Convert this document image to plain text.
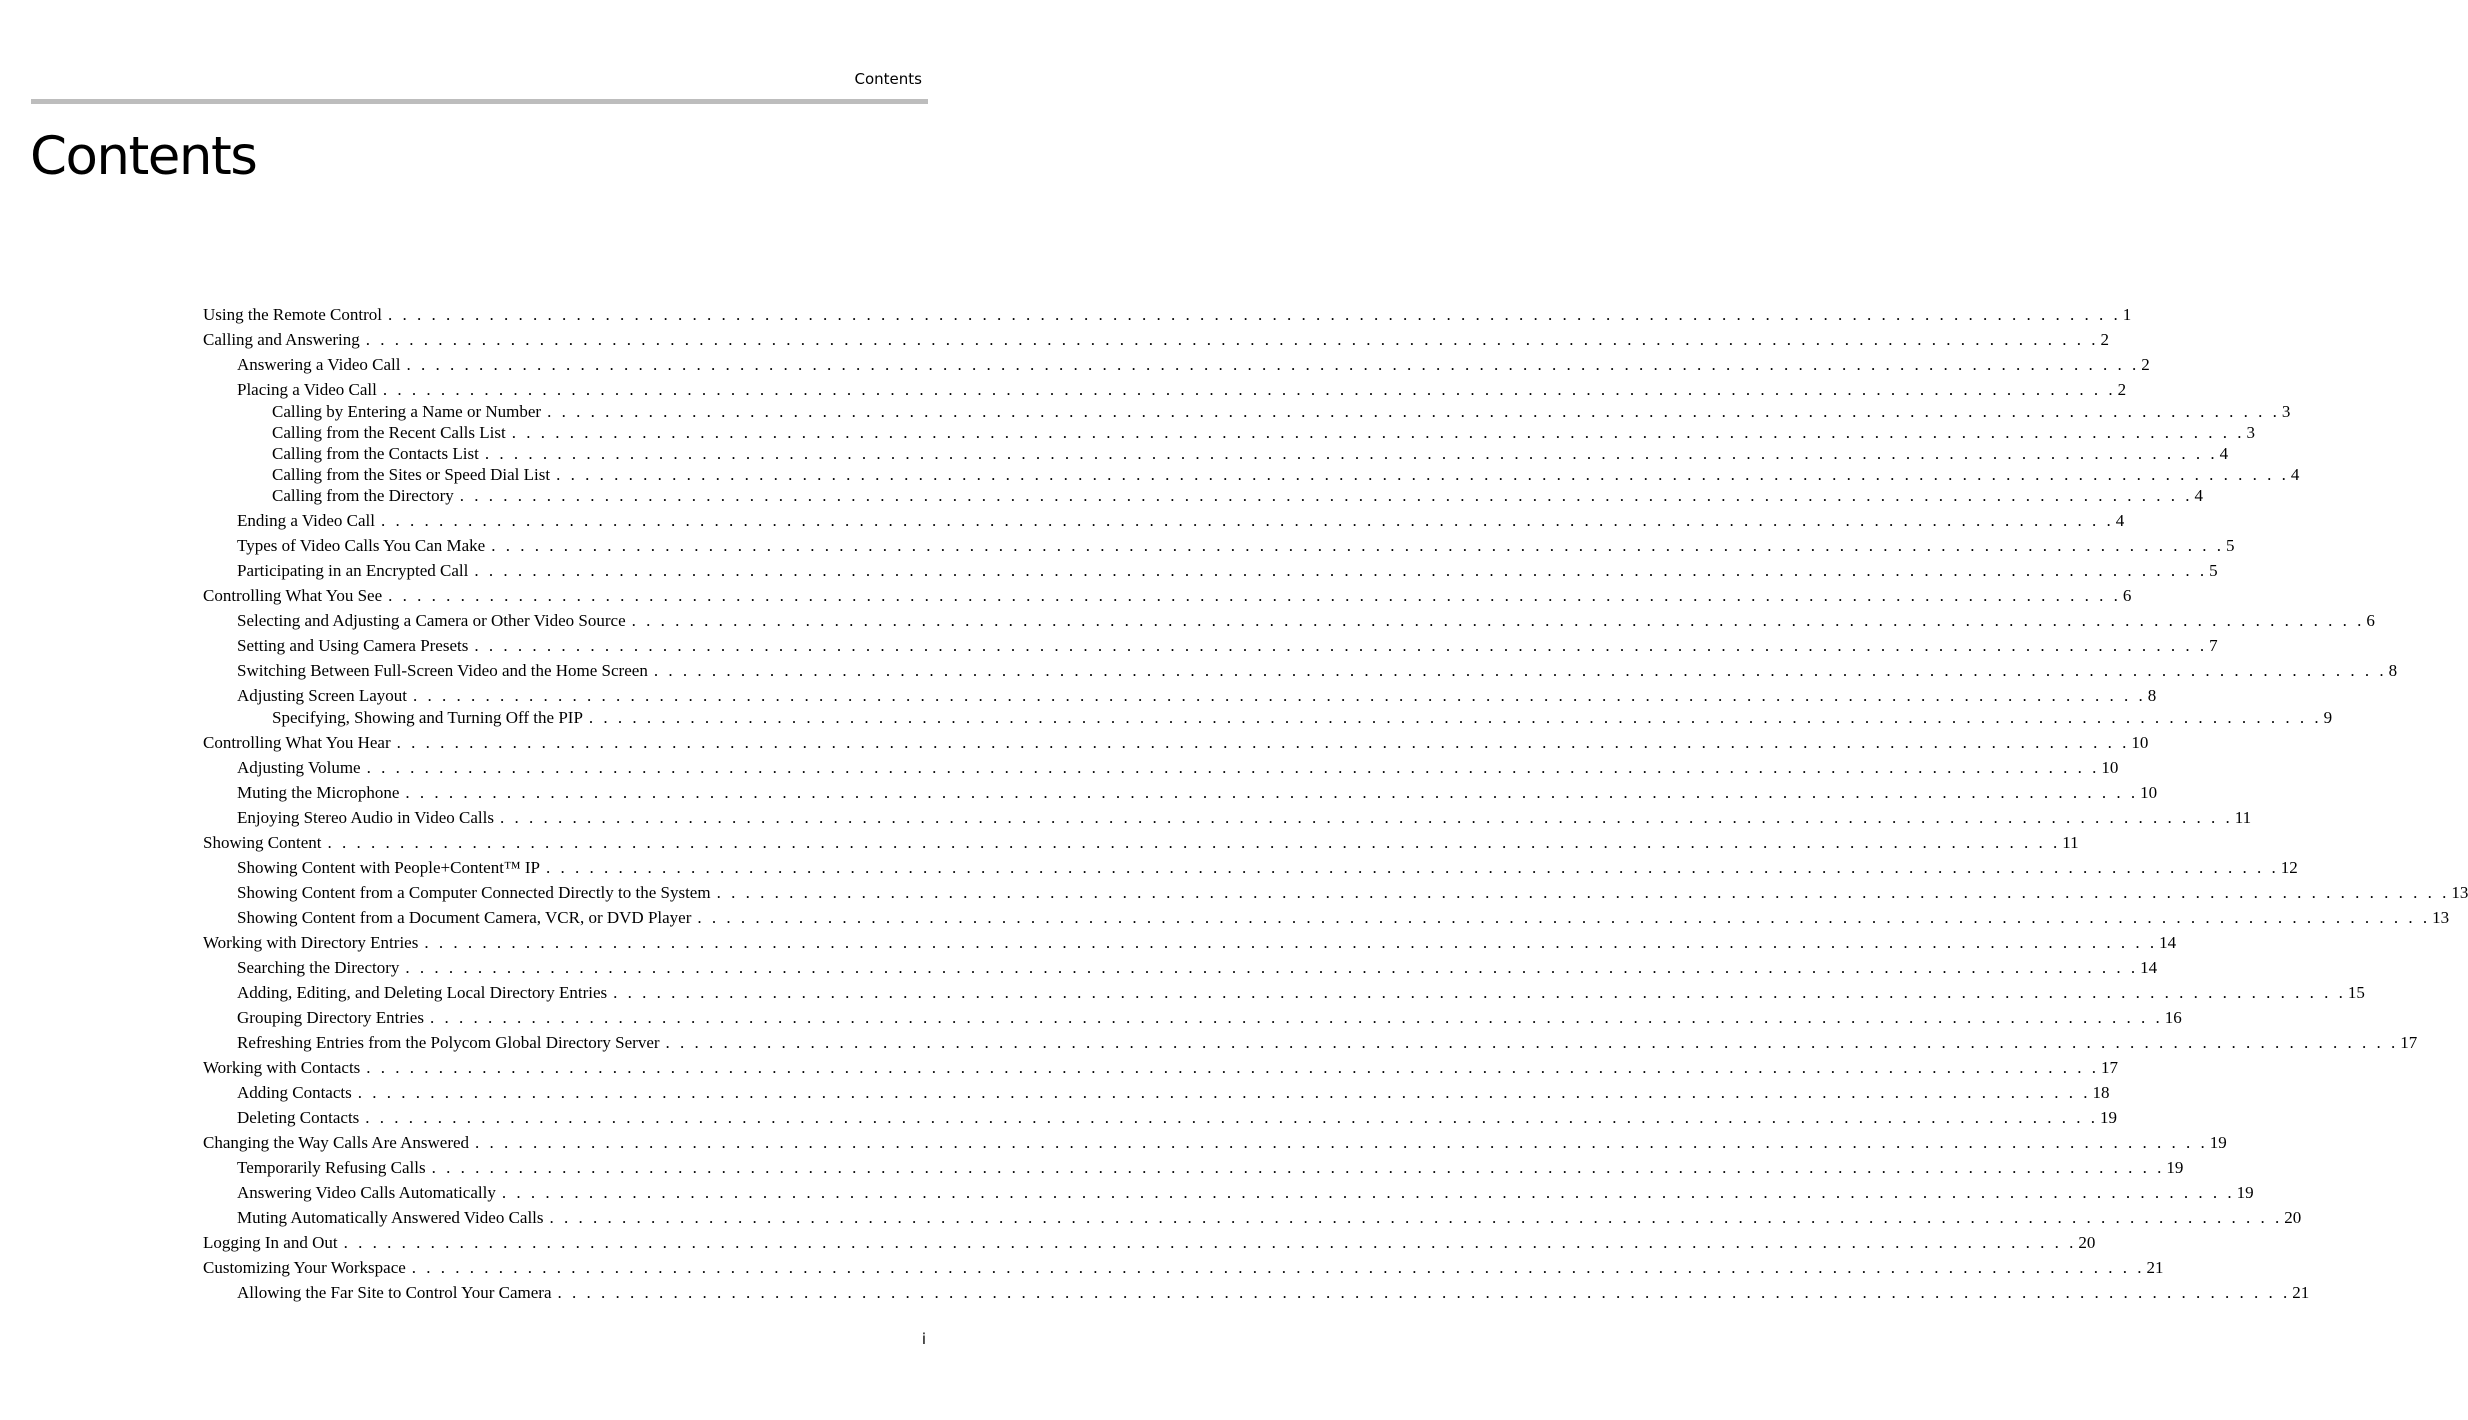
Contents
Contents
Using the Remote Control . . . . . . . . . . . . . . . . . . . . . . . . . . . . . . . . . . . . . . . . . . . . . . . . . . . . . . . . . . . . . . . . . . . . . . . . . . . . . . . . . . . . . . . . . . . . . . . . . . . . . . . . . . . . . . . . . . . . . . . . 1
Calling and Answering . . . . . . . . . . . . . . . . . . . . . . . . . . . . . . . . . . . . . . . . . . . . . . . . . . . . . . . . . . . . . . . . . . . . . . . . . . . . . . . . . . . . . . . . . . . . . . . . . . . . . . . . . . . . . . . . . . . . . . . . 2
Answering a Video Call . . . . . . . . . . . . . . . . . . . . . . . . . . . . . . . . . . . . . . . . . . . . . . . . . . . . . . . . . . . . . . . . . . . . . . . . . . . . . . . . . . . . . . . . . . . . . . . . . . . . . . . . . . . . . . . . . . . . . . . . 2
Placing a Video Call . . . . . . . . . . . . . . . . . . . . . . . . . . . . . . . . . . . . . . . . . . . . . . . . . . . . . . . . . . . . . . . . . . . . . . . . . . . . . . . . . . . . . . . . . . . . . . . . . . . . . . . . . . . . . . . . . . . . . . . . 2
Calling by Entering a Name or Number . . . . . . . . . . . . . . . . . . . . . . . . . . . . . . . . . . . . . . . . . . . . . . . . . . . . . . . . . . . . . . . . . . . . . . . . . . . . . . . . . . . . . . . . . . . . . . . . . . . . . . . . . . . . . . . . . . . . . . . . 3
Calling from the Recent Calls List . . . . . . . . . . . . . . . . . . . . . . . . . . . . . . . . . . . . . . . . . . . . . . . . . . . . . . . . . . . . . . . . . . . . . . . . . . . . . . . . . . . . . . . . . . . . . . . . . . . . . . . . . . . . . . . . . . . . . . . . 3
Calling from the Contacts List . . . . . . . . . . . . . . . . . . . . . . . . . . . . . . . . . . . . . . . . . . . . . . . . . . . . . . . . . . . . . . . . . . . . . . . . . . . . . . . . . . . . . . . . . . . . . . . . . . . . . . . . . . . . . . . . . . . . . . . . 4
Calling from the Sites or Speed Dial List . . . . . . . . . . . . . . . . . . . . . . . . . . . . . . . . . . . . . . . . . . . . . . . . . . . . . . . . . . . . . . . . . . . . . . . . . . . . . . . . . . . . . . . . . . . . . . . . . . . . . . . . . . . . . . . . . . . . . . . . 4
Calling from the Directory . . . . . . . . . . . . . . . . . . . . . . . . . . . . . . . . . . . . . . . . . . . . . . . . . . . . . . . . . . . . . . . . . . . . . . . . . . . . . . . . . . . . . . . . . . . . . . . . . . . . . . . . . . . . . . . . . . . . . . . . 4
Ending a Video Call . . . . . . . . . . . . . . . . . . . . . . . . . . . . . . . . . . . . . . . . . . . . . . . . . . . . . . . . . . . . . . . . . . . . . . . . . . . . . . . . . . . . . . . . . . . . . . . . . . . . . . . . . . . . . . . . . . . . . . . . 4
Types of Video Calls You Can Make . . . . . . . . . . . . . . . . . . . . . . . . . . . . . . . . . . . . . . . . . . . . . . . . . . . . . . . . . . . . . . . . . . . . . . . . . . . . . . . . . . . . . . . . . . . . . . . . . . . . . . . . . . . . . . . . . . . . . . . . 5
Participating in an Encrypted Call . . . . . . . . . . . . . . . . . . . . . . . . . . . . . . . . . . . . . . . . . . . . . . . . . . . . . . . . . . . . . . . . . . . . . . . . . . . . . . . . . . . . . . . . . . . . . . . . . . . . . . . . . . . . . . . . . . . . . . . . 5
Controlling What You See . . . . . . . . . . . . . . . . . . . . . . . . . . . . . . . . . . . . . . . . . . . . . . . . . . . . . . . . . . . . . . . . . . . . . . . . . . . . . . . . . . . . . . . . . . . . . . . . . . . . . . . . . . . . . . . . . . . . . . . . 6
Selecting and Adjusting a Camera or Other Video Source . . . . . . . . . . . . . . . . . . . . . . . . . . . . . . . . . . . . . . . . . . . . . . . . . . . . . . . . . . . . . . . . . . . . . . . . . . . . . . . . . . . . . . . . . . . . . . . . . . . . . . . . . . . . . . . . . . . . . . . . 6
Setting and Using Camera Presets . . . . . . . . . . . . . . . . . . . . . . . . . . . . . . . . . . . . . . . . . . . . . . . . . . . . . . . . . . . . . . . . . . . . . . . . . . . . . . . . . . . . . . . . . . . . . . . . . . . . . . . . . . . . . . . . . . . . . . . . 7
Switching Between Full-Screen Video and the Home Screen . . . . . . . . . . . . . . . . . . . . . . . . . . . . . . . . . . . . . . . . . . . . . . . . . . . . . . . . . . . . . . . . . . . . . . . . . . . . . . . . . . . . . . . . . . . . . . . . . . . . . . . . . . . . . . . . . . . . . . . . 8
Adjusting Screen Layout . . . . . . . . . . . . . . . . . . . . . . . . . . . . . . . . . . . . . . . . . . . . . . . . . . . . . . . . . . . . . . . . . . . . . . . . . . . . . . . . . . . . . . . . . . . . . . . . . . . . . . . . . . . . . . . . . . . . . . . . 8
Specifying, Showing and Turning Off the PIP . . . . . . . . . . . . . . . . . . . . . . . . . . . . . . . . . . . . . . . . . . . . . . . . . . . . . . . . . . . . . . . . . . . . . . . . . . . . . . . . . . . . . . . . . . . . . . . . . . . . . . . . . . . . . . . . . . . . . . . . 9
Controlling What You Hear . . . . . . . . . . . . . . . . . . . . . . . . . . . . . . . . . . . . . . . . . . . . . . . . . . . . . . . . . . . . . . . . . . . . . . . . . . . . . . . . . . . . . . . . . . . . . . . . . . . . . . . . . . . . . . . . . . . . . . . . 10
Adjusting Volume . . . . . . . . . . . . . . . . . . . . . . . . . . . . . . . . . . . . . . . . . . . . . . . . . . . . . . . . . . . . . . . . . . . . . . . . . . . . . . . . . . . . . . . . . . . . . . . . . . . . . . . . . . . . . . . . . . . . . . . . 10
Muting the Microphone . . . . . . . . . . . . . . . . . . . . . . . . . . . . . . . . . . . . . . . . . . . . . . . . . . . . . . . . . . . . . . . . . . . . . . . . . . . . . . . . . . . . . . . . . . . . . . . . . . . . . . . . . . . . . . . . . . . . . . . . 10
Enjoying Stereo Audio in Video Calls . . . . . . . . . . . . . . . . . . . . . . . . . . . . . . . . . . . . . . . . . . . . . . . . . . . . . . . . . . . . . . . . . . . . . . . . . . . . . . . . . . . . . . . . . . . . . . . . . . . . . . . . . . . . . . . . . . . . . . . . 11
Showing Content . . . . . . . . . . . . . . . . . . . . . . . . . . . . . . . . . . . . . . . . . . . . . . . . . . . . . . . . . . . . . . . . . . . . . . . . . . . . . . . . . . . . . . . . . . . . . . . . . . . . . . . . . . . . . . . . . . . . . . . . 11
Showing Content with People+Content™ IP . . . . . . . . . . . . . . . . . . . . . . . . . . . . . . . . . . . . . . . . . . . . . . . . . . . . . . . . . . . . . . . . . . . . . . . . . . . . . . . . . . . . . . . . . . . . . . . . . . . . . . . . . . . . . . . . . . . . . . . . 12
Showing Content from a Computer Connected Directly to the System . . . . . . . . . . . . . . . . . . . . . . . . . . . . . . . . . . . . . . . . . . . . . . . . . . . . . . . . . . . . . . . . . . . . . . . . . . . . . . . . . . . . . . . . . . . . . . . . . . . . . . . . . . . . . . . . . . . . . . . . 13
Showing Content from a Document Camera, VCR, or DVD Player . . . . . . . . . . . . . . . . . . . . . . . . . . . . . . . . . . . . . . . . . . . . . . . . . . . . . . . . . . . . . . . . . . . . . . . . . . . . . . . . . . . . . . . . . . . . . . . . . . . . . . . . . . . . . . . . . . . . . . . . 13
Working with Directory Entries . . . . . . . . . . . . . . . . . . . . . . . . . . . . . . . . . . . . . . . . . . . . . . . . . . . . . . . . . . . . . . . . . . . . . . . . . . . . . . . . . . . . . . . . . . . . . . . . . . . . . . . . . . . . . . . . . . . . . . . . 14
Searching the Directory . . . . . . . . . . . . . . . . . . . . . . . . . . . . . . . . . . . . . . . . . . . . . . . . . . . . . . . . . . . . . . . . . . . . . . . . . . . . . . . . . . . . . . . . . . . . . . . . . . . . . . . . . . . . . . . . . . . . . . . . 14
Adding, Editing, and Deleting Local Directory Entries . . . . . . . . . . . . . . . . . . . . . . . . . . . . . . . . . . . . . . . . . . . . . . . . . . . . . . . . . . . . . . . . . . . . . . . . . . . . . . . . . . . . . . . . . . . . . . . . . . . . . . . . . . . . . . . . . . . . . . . . 15
Grouping Directory Entries . . . . . . . . . . . . . . . . . . . . . . . . . . . . . . . . . . . . . . . . . . . . . . . . . . . . . . . . . . . . . . . . . . . . . . . . . . . . . . . . . . . . . . . . . . . . . . . . . . . . . . . . . . . . . . . . . . . . . . . . 16
Refreshing Entries from the Polycom Global Directory Server . . . . . . . . . . . . . . . . . . . . . . . . . . . . . . . . . . . . . . . . . . . . . . . . . . . . . . . . . . . . . . . . . . . . . . . . . . . . . . . . . . . . . . . . . . . . . . . . . . . . . . . . . . . . . . . . . . . . . . . . 17
Working with Contacts . . . . . . . . . . . . . . . . . . . . . . . . . . . . . . . . . . . . . . . . . . . . . . . . . . . . . . . . . . . . . . . . . . . . . . . . . . . . . . . . . . . . . . . . . . . . . . . . . . . . . . . . . . . . . . . . . . . . . . . . 17
Adding Contacts . . . . . . . . . . . . . . . . . . . . . . . . . . . . . . . . . . . . . . . . . . . . . . . . . . . . . . . . . . . . . . . . . . . . . . . . . . . . . . . . . . . . . . . . . . . . . . . . . . . . . . . . . . . . . . . . . . . . . . . . 18
Deleting Contacts . . . . . . . . . . . . . . . . . . . . . . . . . . . . . . . . . . . . . . . . . . . . . . . . . . . . . . . . . . . . . . . . . . . . . . . . . . . . . . . . . . . . . . . . . . . . . . . . . . . . . . . . . . . . . . . . . . . . . . . . 19
Changing the Way Calls Are Answered . . . . . . . . . . . . . . . . . . . . . . . . . . . . . . . . . . . . . . . . . . . . . . . . . . . . . . . . . . . . . . . . . . . . . . . . . . . . . . . . . . . . . . . . . . . . . . . . . . . . . . . . . . . . . . . . . . . . . . . . 19
Temporarily Refusing Calls . . . . . . . . . . . . . . . . . . . . . . . . . . . . . . . . . . . . . . . . . . . . . . . . . . . . . . . . . . . . . . . . . . . . . . . . . . . . . . . . . . . . . . . . . . . . . . . . . . . . . . . . . . . . . . . . . . . . . . . . 19
Answering Video Calls Automatically . . . . . . . . . . . . . . . . . . . . . . . . . . . . . . . . . . . . . . . . . . . . . . . . . . . . . . . . . . . . . . . . . . . . . . . . . . . . . . . . . . . . . . . . . . . . . . . . . . . . . . . . . . . . . . . . . . . . . . . . 19
Muting Automatically Answered Video Calls . . . . . . . . . . . . . . . . . . . . . . . . . . . . . . . . . . . . . . . . . . . . . . . . . . . . . . . . . . . . . . . . . . . . . . . . . . . . . . . . . . . . . . . . . . . . . . . . . . . . . . . . . . . . . . . . . . . . . . . . 20
Logging In and Out . . . . . . . . . . . . . . . . . . . . . . . . . . . . . . . . . . . . . . . . . . . . . . . . . . . . . . . . . . . . . . . . . . . . . . . . . . . . . . . . . . . . . . . . . . . . . . . . . . . . . . . . . . . . . . . . . . . . . . . . 20
Customizing Your Workspace . . . . . . . . . . . . . . . . . . . . . . . . . . . . . . . . . . . . . . . . . . . . . . . . . . . . . . . . . . . . . . . . . . . . . . . . . . . . . . . . . . . . . . . . . . . . . . . . . . . . . . . . . . . . . . . . . . . . . . . . 21
Allowing the Far Site to Control Your Camera . . . . . . . . . . . . . . . . . . . . . . . . . . . . . . . . . . . . . . . . . . . . . . . . . . . . . . . . . . . . . . . . . . . . . . . . . . . . . . . . . . . . . . . . . . . . . . . . . . . . . . . . . . . . . . . . . . . . . . . . 21
i
